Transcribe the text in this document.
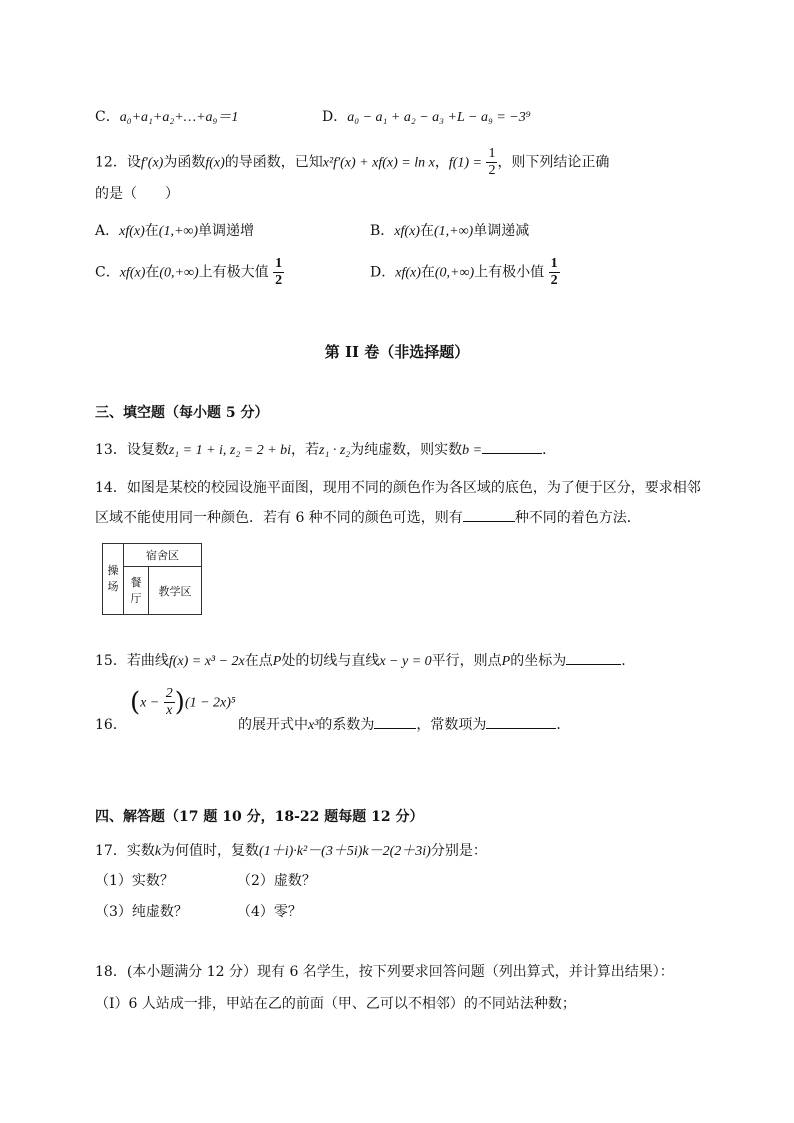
C．a₀+a₁+a₂+…+a₉＝1	D．a₀ − a₁ + a₂ − a₃ +L − a₉ = −3⁹
12．设f′(x)为函数f(x)的导函数，已知x²f′(x) + xf(x) = ln x，$f(1) = \frac{1}{2}$ ，则下列结论正确
的是（　　）
A．xf(x)在(1,+∞)单调递增	B．xf(x)在(1,+∞)单调递减
C．xf(x)在(0,+∞)上有极大值 $\frac{1}{2}$	D．xf(x)在(0,+∞)上有极小值 $\frac{1}{2}$
第 II 卷（非选择题）
三、填空题（每小题 5 分）
13．设复数z₁ = 1 + i, z₂ = 2 + bi，若z₁ · z₂为纯虚数，则实数b =	．
14．如图是某校的校园设施平面图，现用不同的颜色作为各区域的底色，为了便于区分，要求相邻
区域不能使用同一种颜色．若有 6 种不同的颜色可选，则有	种不同的着色方法．
操
场	宿舍区	
	餐
厅	教学区
15．若曲线f(x) = x³ − 2x在点P处的切线与直线x − y = 0平行，则点P的坐标为	.
16．
$(x - \frac{2}{x} )(1 - 2x)^5$
的展开式中x³的系数为	，常数项为	．
四、解答题（17 题 10 分，18-22 题每题 12 分）
17．实数k为何值时，复数(1＋i)·k²－(3＋5i)k－2(2＋3i)分别是：
（1）实数？	（2）虚数？
（3）纯虚数？	（4）零？
18．(本小题满分 12 分）现有 6 名学生，按下列要求回答问题（列出算式，并计算出结果）：
（Ⅰ）6 人站成一排，甲站在乙的前面（甲、乙可以不相邻）的不同站法种数；
